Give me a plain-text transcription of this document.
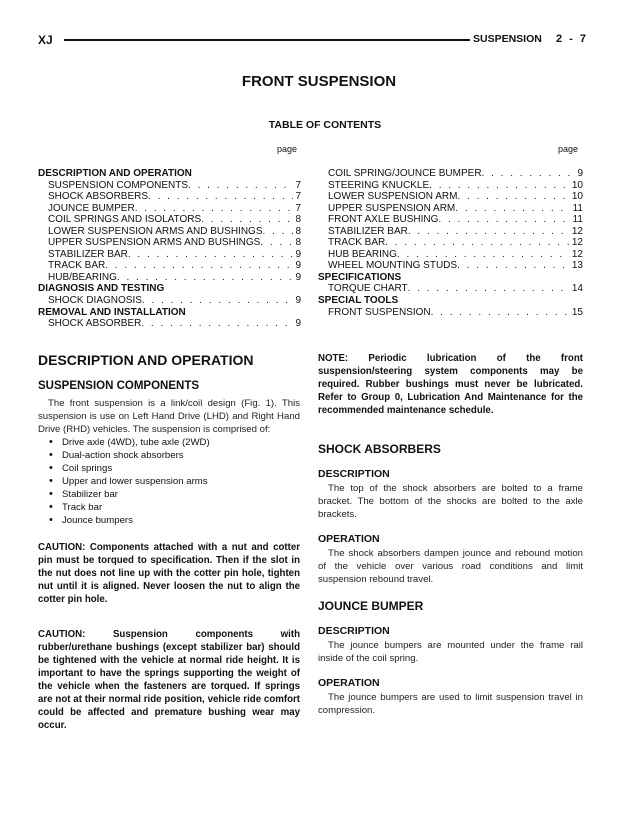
XJ	SUSPENSION 2 - 7
FRONT SUSPENSION
TABLE OF CONTENTS
page	page
DESCRIPTION AND OPERATION
SUSPENSION COMPONENTS . . .	7
SHOCK ABSORBERS . . .	7
JOUNCE BUMPER . . .	7
COIL SPRINGS AND ISOLATORS . . .	8
LOWER SUSPENSION ARMS AND BUSHINGS . . .	8
UPPER SUSPENSION ARMS AND BUSHINGS . . .	8
STABILIZER BAR . . .	9
TRACK BAR . . .	9
HUB/BEARING . . .	9
DIAGNOSIS AND TESTING
SHOCK DIAGNOSIS . . .	9
REMOVAL AND INSTALLATION
SHOCK ABSORBER . . .	9
COIL SPRING/JOUNCE BUMPER . . .	9
STEERING KNUCKLE . . .	10
LOWER SUSPENSION ARM . . .	10
UPPER SUSPENSION ARM . . .	11
FRONT AXLE BUSHING . . .	11
STABILIZER BAR . . .	12
TRACK BAR . . .	12
HUB BEARING . . .	12
WHEEL MOUNTING STUDS . . .	13
SPECIFICATIONS
TORQUE CHART . . .	14
SPECIAL TOOLS
FRONT SUSPENSION . . .	15
DESCRIPTION AND OPERATION
SUSPENSION COMPONENTS

The front suspension is a link/coil design (Fig. 1). This suspension is use on Left Hand Drive (LHD) and Right Hand Drive (RHD) vehicles. The suspension is comprised of:

• Drive axle (4WD), tube axle (2WD)
• Dual-action shock absorbers
• Coil springs
• Upper and lower suspension arms
• Stabilizer bar
• Track bar
• Jounce bumpers

CAUTION: Components attached with a nut and cotter pin must be torqued to specification. Then if the slot in the nut does not line up with the cotter pin hole, tighten nut until it is aligned. Never loosen the nut to align the cotter pin hole.

CAUTION: Suspension components with rubber/urethane bushings (except stabilizer bar) should be tightened with the vehicle at normal ride height. It is important to have the springs supporting the weight of the vehicle when the fasteners are torqued. If springs are not at their normal ride position, vehicle ride comfort could be affected and premature bushing wear may occur.

NOTE: Periodic lubrication of the front suspension/steering system components may be required. Rubber bushings must never be lubricated. Refer to Group 0, Lubrication And Maintenance for the recommended maintenance schedule.

SHOCK ABSORBERS
DESCRIPTION

The top of the shock absorbers are bolted to a frame bracket. The bottom of the shocks are bolted to the axle brackets.

OPERATION

The shock absorbers dampen jounce and rebound motion of the vehicle over various road conditions and limit suspension rebound travel.

JOUNCE BUMPER
DESCRIPTION

The jounce bumpers are mounted under the frame rail inside of the coil spring.

OPERATION

The jounce bumpers are used to limit suspension travel in compression.
